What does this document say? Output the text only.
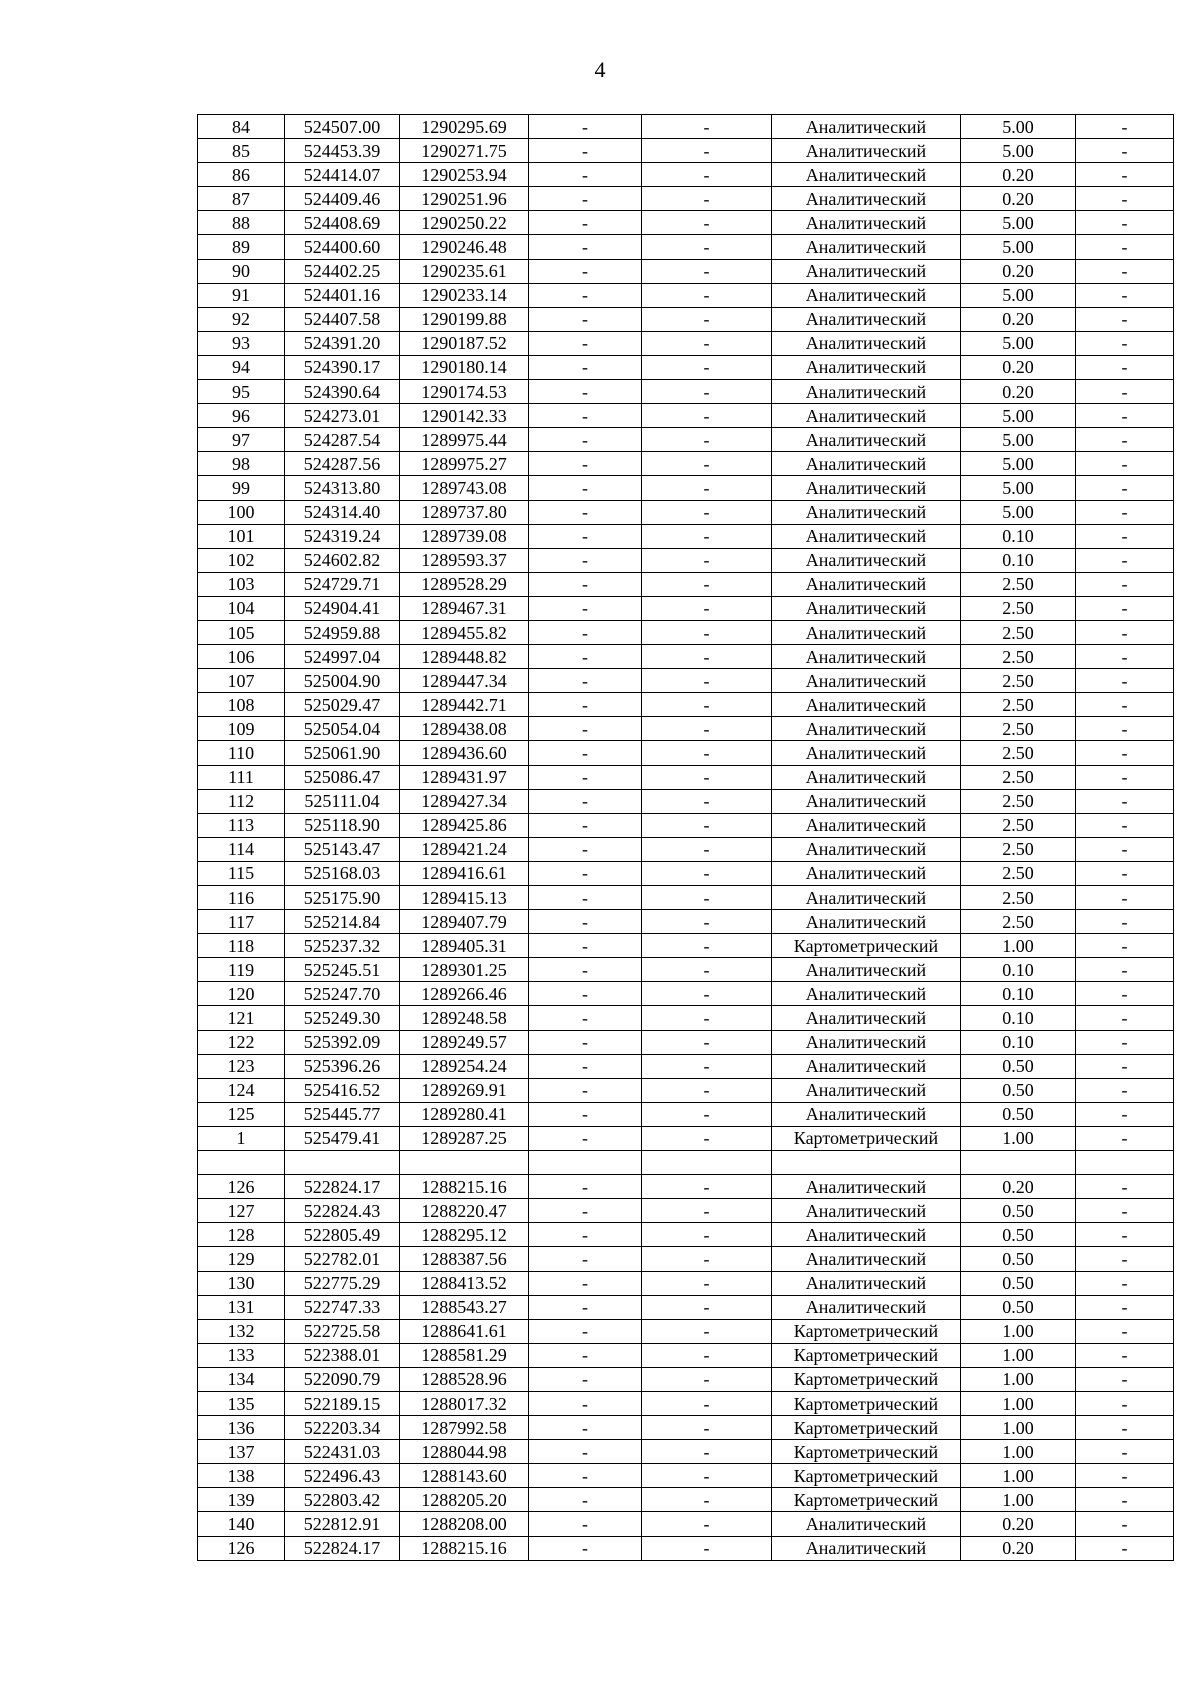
4
84	524507.00	1290295.69	-	-	Аналитический	5.00	-
85	524453.39	1290271.75	-	-	Аналитический	5.00	-
86	524414.07	1290253.94	-	-	Аналитический	0.20	-
87	524409.46	1290251.96	-	-	Аналитический	0.20	-
88	524408.69	1290250.22	-	-	Аналитический	5.00	-
89	524400.60	1290246.48	-	-	Аналитический	5.00	-
90	524402.25	1290235.61	-	-	Аналитический	0.20	-
91	524401.16	1290233.14	-	-	Аналитический	5.00	-
92	524407.58	1290199.88	-	-	Аналитический	0.20	-
93	524391.20	1290187.52	-	-	Аналитический	5.00	-
94	524390.17	1290180.14	-	-	Аналитический	0.20	-
95	524390.64	1290174.53	-	-	Аналитический	0.20	-
96	524273.01	1290142.33	-	-	Аналитический	5.00	-
97	524287.54	1289975.44	-	-	Аналитический	5.00	-
98	524287.56	1289975.27	-	-	Аналитический	5.00	-
99	524313.80	1289743.08	-	-	Аналитический	5.00	-
100	524314.40	1289737.80	-	-	Аналитический	5.00	-
101	524319.24	1289739.08	-	-	Аналитический	0.10	-
102	524602.82	1289593.37	-	-	Аналитический	0.10	-
103	524729.71	1289528.29	-	-	Аналитический	2.50	-
104	524904.41	1289467.31	-	-	Аналитический	2.50	-
105	524959.88	1289455.82	-	-	Аналитический	2.50	-
106	524997.04	1289448.82	-	-	Аналитический	2.50	-
107	525004.90	1289447.34	-	-	Аналитический	2.50	-
108	525029.47	1289442.71	-	-	Аналитический	2.50	-
109	525054.04	1289438.08	-	-	Аналитический	2.50	-
110	525061.90	1289436.60	-	-	Аналитический	2.50	-
111	525086.47	1289431.97	-	-	Аналитический	2.50	-
112	525111.04	1289427.34	-	-	Аналитический	2.50	-
113	525118.90	1289425.86	-	-	Аналитический	2.50	-
114	525143.47	1289421.24	-	-	Аналитический	2.50	-
115	525168.03	1289416.61	-	-	Аналитический	2.50	-
116	525175.90	1289415.13	-	-	Аналитический	2.50	-
117	525214.84	1289407.79	-	-	Аналитический	2.50	-
118	525237.32	1289405.31	-	-	Картометрический	1.00	-
119	525245.51	1289301.25	-	-	Аналитический	0.10	-
120	525247.70	1289266.46	-	-	Аналитический	0.10	-
121	525249.30	1289248.58	-	-	Аналитический	0.10	-
122	525392.09	1289249.57	-	-	Аналитический	0.10	-
123	525396.26	1289254.24	-	-	Аналитический	0.50	-
124	525416.52	1289269.91	-	-	Аналитический	0.50	-
125	525445.77	1289280.41	-	-	Аналитический	0.50	-
1	525479.41	1289287.25	-	-	Картометрический	1.00	-

126	522824.17	1288215.16	-	-	Аналитический	0.20	-
127	522824.43	1288220.47	-	-	Аналитический	0.50	-
128	522805.49	1288295.12	-	-	Аналитический	0.50	-
129	522782.01	1288387.56	-	-	Аналитический	0.50	-
130	522775.29	1288413.52	-	-	Аналитический	0.50	-
131	522747.33	1288543.27	-	-	Аналитический	0.50	-
132	522725.58	1288641.61	-	-	Картометрический	1.00	-
133	522388.01	1288581.29	-	-	Картометрический	1.00	-
134	522090.79	1288528.96	-	-	Картометрический	1.00	-
135	522189.15	1288017.32	-	-	Картометрический	1.00	-
136	522203.34	1287992.58	-	-	Картометрический	1.00	-
137	522431.03	1288044.98	-	-	Картометрический	1.00	-
138	522496.43	1288143.60	-	-	Картометрический	1.00	-
139	522803.42	1288205.20	-	-	Картометрический	1.00	-
140	522812.91	1288208.00	-	-	Аналитический	0.20	-
126	522824.17	1288215.16	-	-	Аналитический	0.20	-
